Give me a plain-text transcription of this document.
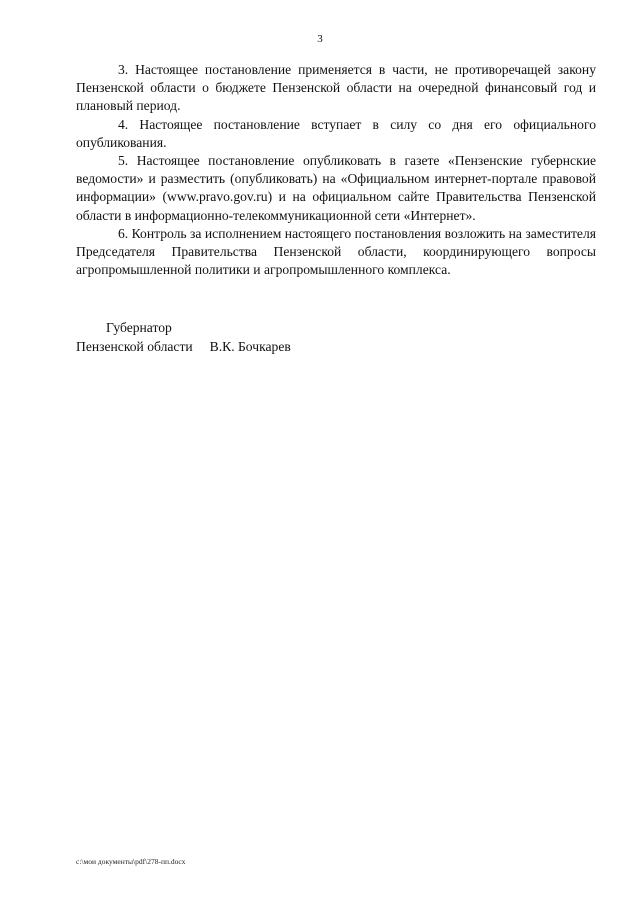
3

3. Настоящее постановление применяется в части, не противоречащей закону Пензенской области о бюджете Пензенской области на очередной финансовый год и плановый период.

4. Настоящее постановление вступает в силу со дня его официального опубликования.

5. Настоящее постановление опубликовать в газете «Пензенские губернские ведомости» и разместить (опубликовать) на «Официальном интернет-портале правовой информации» (www.pravo.gov.ru) и на официальном сайте Правительства Пензенской области в информационно-телекоммуникационной сети «Интернет».

6. Контроль за исполнением настоящего постановления возложить на заместителя Председателя Правительства Пензенской области, координирующего вопросы агропромышленной политики и агропромышленного комплекса.

Губернатор
Пензенской области В.К. Бочкарев
c:\мои документы\pdf\278-пп.docx
